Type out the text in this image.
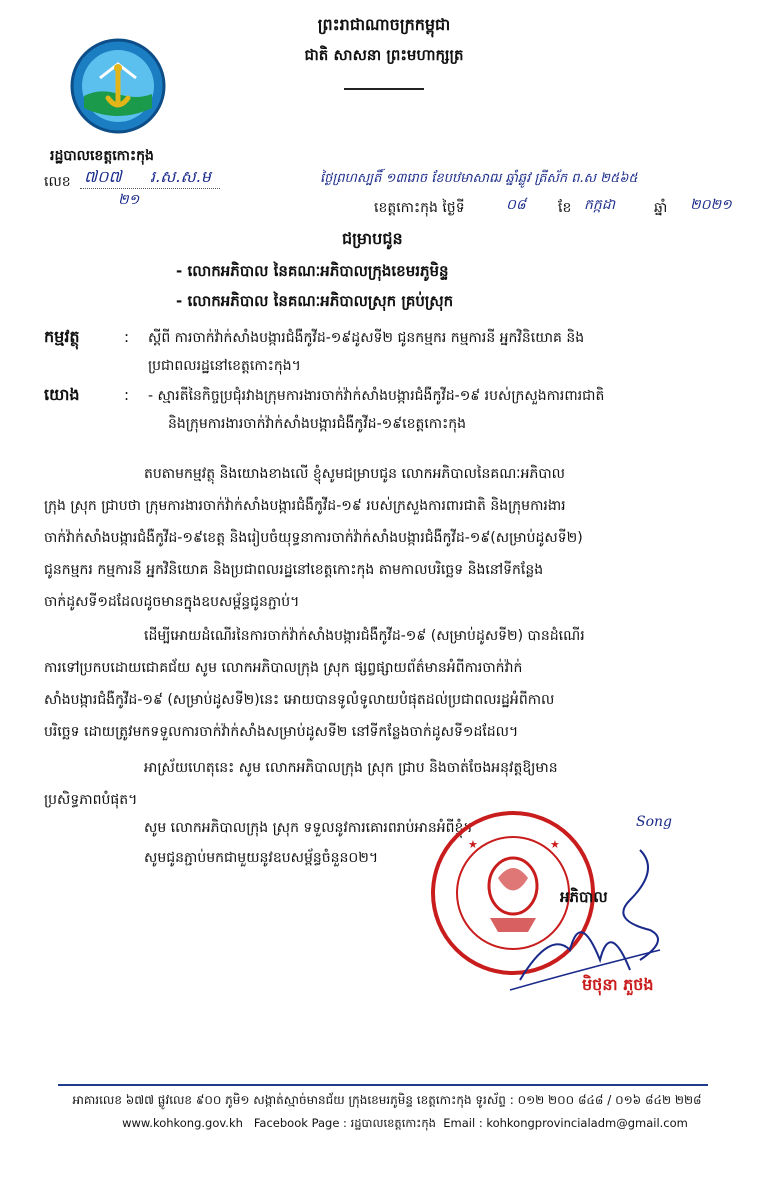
ព្រះរាជាណាចក្រកម្ពុជា
ជាតិ សាសនា ព្រះមហាក្សត្រ
រដ្ឋបាលខេត្តកោះកុង
លេខ ៧០៧ រ.ស.ស.ម
២១
ថ្ងៃព្រហស្បតិ៍ ១៣រោច ខែបឋមាសាឍ ឆ្នាំឆ្លូវ ត្រីស័ក ព.ស ២៥៦៥
ខេត្តកោះកុង ថ្ងៃទី	០៨ ខែ កក្កដា	ឆ្នាំ ២០២១
ជម្រាបជូន
- លោកអភិបាល នៃគណៈអភិបាលក្រុងខេមរភូមិន្ទ
- លោកអភិបាល នៃគណៈអភិបាលស្រុក គ្រប់ស្រុក
កម្មវត្ថុ	: ស្តីពី ការចាក់វ៉ាក់សាំងបង្ការជំងឺកូវីដ-១៩ដូសទី២ ជូនកម្មករ កម្មការនី អ្នកវិនិយោគ និង
ប្រជាពលរដ្ឋនៅខេត្តកោះកុង។
យោង	: - ស្មារតីនៃកិច្ចប្រជុំរវាងក្រុមការងារចាក់វ៉ាក់សាំងបង្ការជំងឺកូវីដ-១៩ របស់ក្រសួងការពារជាតិ
និងក្រុមការងារចាក់វ៉ាក់សាំងបង្ការជំងឺកូវីដ-១៩ខេត្តកោះកុង
តបតាមកម្មវត្ថុ និងយោងខាងលើ ខ្ញុំសូមជម្រាបជូន លោកអភិបាលនៃគណៈអភិបាល
ក្រុង ស្រុក ជ្រាបថា ក្រុមការងារចាក់វ៉ាក់សាំងបង្ការជំងឺកូវីដ-១៩ របស់ក្រសួងការពារជាតិ និងក្រុមការងារ
ចាក់វ៉ាក់សាំងបង្ការជំងឺកូវីដ-១៩ខេត្ត និងរៀបចំយុទ្ធនាការចាក់វ៉ាក់សាំងបង្ការជំងឺកូវីដ-១៩(សម្រាប់ដូសទី២)
ជូនកម្មករ កម្មការនី អ្នកវិនិយោគ និងប្រជាពលរដ្ឋនៅខេត្តកោះកុង តាមកាលបរិច្ឆេទ និងនៅទីកន្លែង
ចាក់ដូសទី១ដដែលដូចមានក្នុងឧបសម្ព័ន្ធជូនភ្ជាប់។
ដើម្បីអោយដំណើរនៃការចាក់វ៉ាក់សាំងបង្ការជំងឺកូវីដ-១៩ (សម្រាប់ដូសទី២) បានដំណើរ
ការទៅប្រកបដោយជោគជ័យ សូម លោកអភិបាលក្រុង ស្រុក ផ្សព្វផ្សាយព័ត៌មានអំពីការចាក់វ៉ាក់
សាំងបង្ការជំងឺកូវីដ-១៩ (សម្រាប់ដូសទី២)នេះ អោយបានទូលំទូលាយបំផុតដល់ប្រជាពលរដ្ឋអំពីកាល
បរិច្ឆេទ ដោយត្រូវមកទទួលការចាក់វ៉ាក់សាំងសម្រាប់ដូសទី២ នៅទីកន្លែងចាក់ដូសទី១ដដែល។
អាស្រ័យហេតុនេះ សូម លោកអភិបាលក្រុង ស្រុក ជ្រាប និងចាត់ចែងអនុវត្តឱ្យមាន
ប្រសិទ្ធភាពបំផុត។
សូម លោកអភិបាលក្រុង ស្រុក ទទួលនូវការគោរពរាប់អានអំពីខ្ញុំ។
សូមជូនភ្ជាប់មកជាមួយនូវឧបសម្ព័ន្ធចំនួន០២។
Song
★	★
អភិបាល
មិថុនា ភួថង
អាគារលេខ ៦៧៧ ផ្លូវលេខ ៩០០ ភូមិ១ សង្កាត់ស្មាច់មានជ័យ ក្រុងខេមរភូមិន្ទ ខេត្តកោះកុង ទូរស័ព្ទ : ០១២ ២០០ ៨៤៨ / ០១៦ ៨៤២ ២២៨
www.kohkong.gov.kh Facebook Page : រដ្ឋបាលខេត្តកោះកុង Email : kohkongprovincialadm@gmail.com
